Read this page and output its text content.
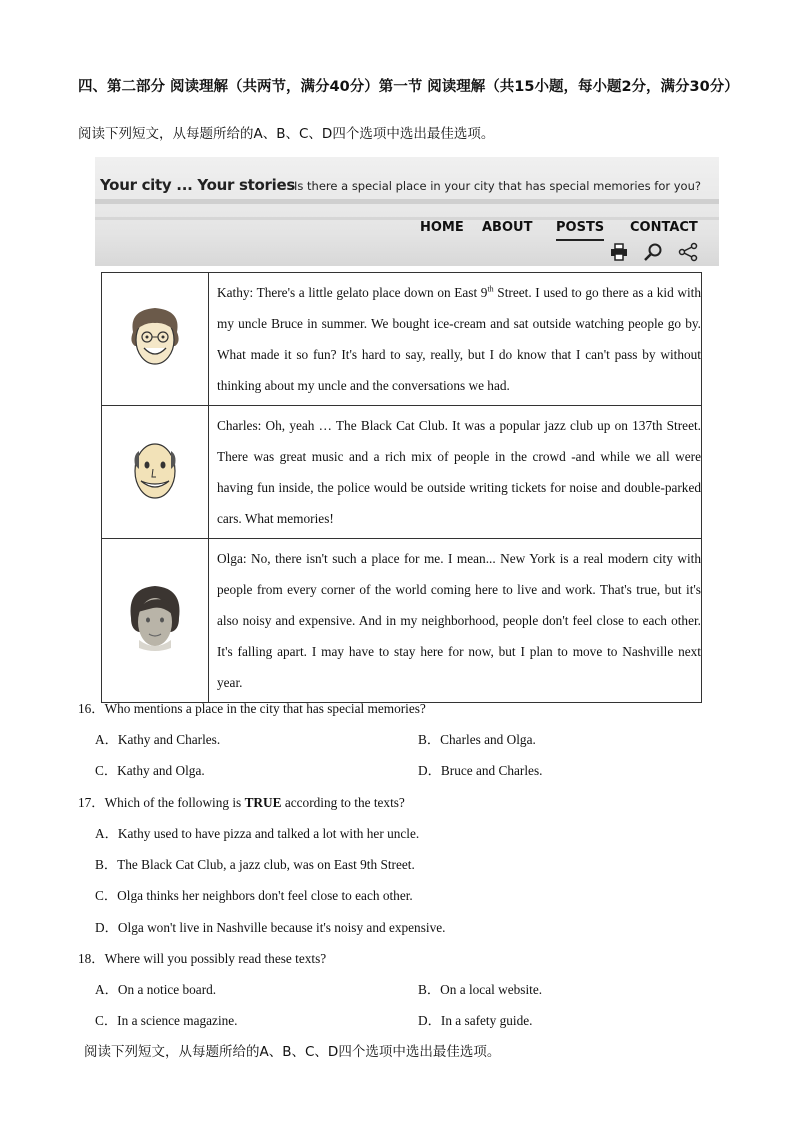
四、第二部分 阅读理解（共两节，满分40分）第一节 阅读理解（共15小题，每小题2分，满分30分）
阅读下列短文，从每题所给的A、B、C、D四个选项中选出最佳选项。
Your city ... Your stories Is there a special place in your city that has special memories for you?
HOME ABOUT POSTS CONTACT
	Kathy: There's a little gelato place down on East 9th Street. I used to go there as a kid with my uncle Bruce in summer. We bought ice-cream and sat outside watching people go by. What made it so fun? It's hard to say, really, but I do know that I can't pass by without thinking about my uncle and the conversations we had.
	Charles: Oh, yeah … The Black Cat Club. It was a popular jazz club up on 137th Street. There was great music and a rich mix of people in the crowd -and while we all were having fun inside, the police would be outside writing tickets for noise and double-parked cars. What memories!
	Olga: No, there isn't such a place for me. I mean... New York is a real modern city with people from every corner of the world coming here to live and work. That's true, but it's also noisy and expensive. And in my neighborhood, people don't feel close to each other. It's falling apart. I may have to stay here for now, but I plan to move to Nashville next year.
16．Who mentions a place in the city that has special memories?
A．Kathy and Charles.	B．Charles and Olga.
C．Kathy and Olga.	D．Bruce and Charles.
17．Which of the following is TRUE according to the texts?
A．Kathy used to have pizza and talked a lot with her uncle.
B．The Black Cat Club, a jazz club, was on East 9th Street.
C．Olga thinks her neighbors don't feel close to each other.
D．Olga won't live in Nashville because it's noisy and expensive.
18．Where will you possibly read these texts?
A．On a notice board.	B．On a local website.
C．In a science magazine.	D．In a safety guide.
阅读下列短文，从每题所给的A、B、C、D四个选项中选出最佳选项。
